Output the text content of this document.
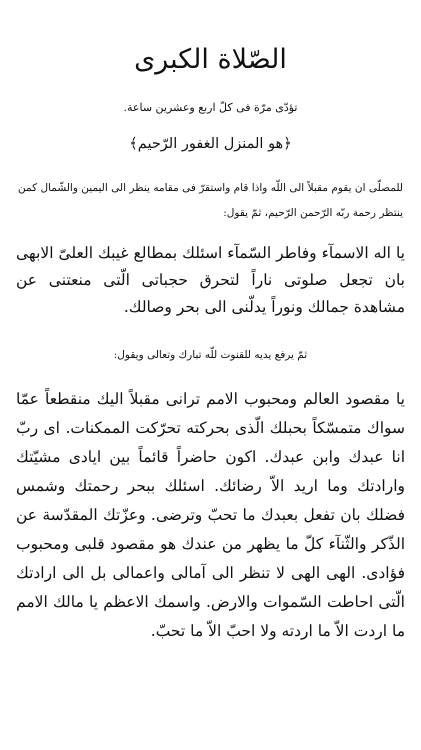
الصّلاة الكبرى
تؤدّى مرّة فى كلّ اربع وعشرين ساعة.
﴿هو المنزل الغفور الرّحيم﴾

للمصلّى ان يقوم مقبلاً الى اللّه واذا قام واستقرّ فى مقامه ينظر الى اليمين والشّمال كمن ينتظر رحمة ربّه الرّحمن الرّحيم، ثمّ يقول:

يا اله الاسمآء وفاطر السّمآء اسئلك بمطالع غيبك العلىّ الابهى بان تجعل صلوتى ناراً لتحرق حجباتى الّتى منعتنى عن مشاهدة جمالك ونوراً يدلّنى الى بحر وصالك.

ثمّ يرفع يديه للقنوت للّه تبارك وتعالى ويقول:

يا مقصود العالم ومحبوب الامم ترانى مقبلاً اليك منقطعاً عمّا سواك متمسّكاً بحبلك الّذى بحركته تحرّكت الممكنات. اى ربّ انا عبدك وابن عبدك. اكون حاضراً قائماً بين ايادى مشيّتك وارادتك وما اريد الاّ رضائك. اسئلك ببحر رحمتك وشمس فضلك بان تفعل بعبدك ما تحبّ وترضى. وعزّتك المقدّسة عن الذّكر والثّنآء كلّ ما يظهر من عندك هو مقصود قلبى ومحبوب فؤادى. الهى الهى لا تنظر الى آمالى واعمالى بل الى ارادتك الّتى احاطت السّموات والارض. واسمك الاعظم يا مالك الامم ما اردت الاّ ما اردته ولا احبّ الاّ ما تحبّ.
